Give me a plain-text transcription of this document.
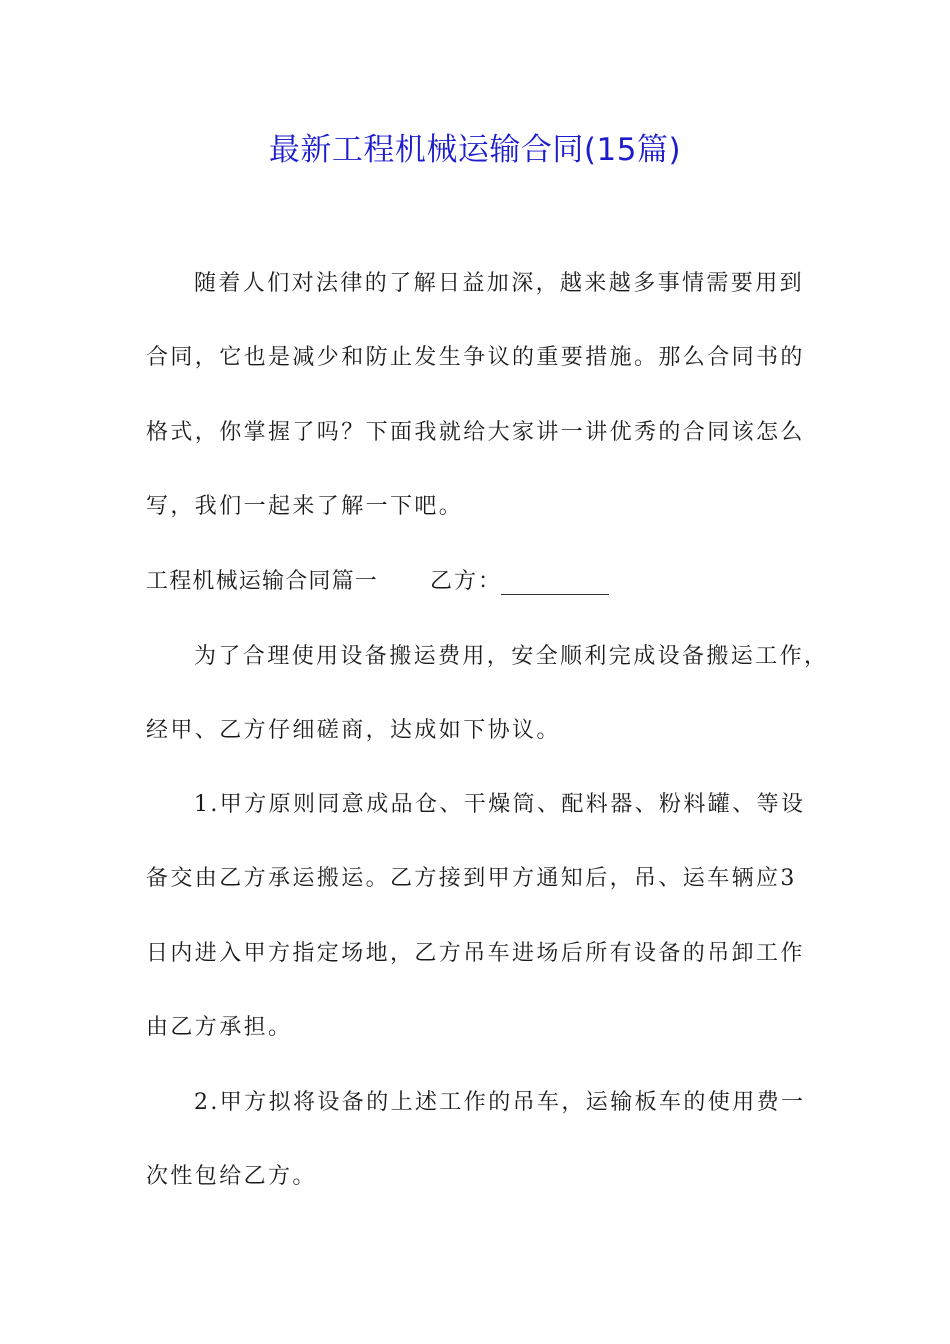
最新工程机械运输合同(15篇)
随着人们对法律的了解日益加深，越来越多事情需要用到
合同，它也是减少和防止发生争议的重要措施。那么合同书的
格式，你掌握了吗？下面我就给大家讲一讲优秀的合同该怎么
写，我们一起来了解一下吧。
工程机械运输合同篇一 乙方：
为了合理使用设备搬运费用，安全顺利完成设备搬运工作，
经甲、乙方仔细磋商，达成如下协议。
1.甲方原则同意成品仓、干燥筒、配料器、粉料罐、等设
备交由乙方承运搬运。乙方接到甲方通知后，吊、运车辆应3
日内进入甲方指定场地，乙方吊车进场后所有设备的吊卸工作
由乙方承担。
2.甲方拟将设备的上述工作的吊车，运输板车的使用费一
次性包给乙方。
